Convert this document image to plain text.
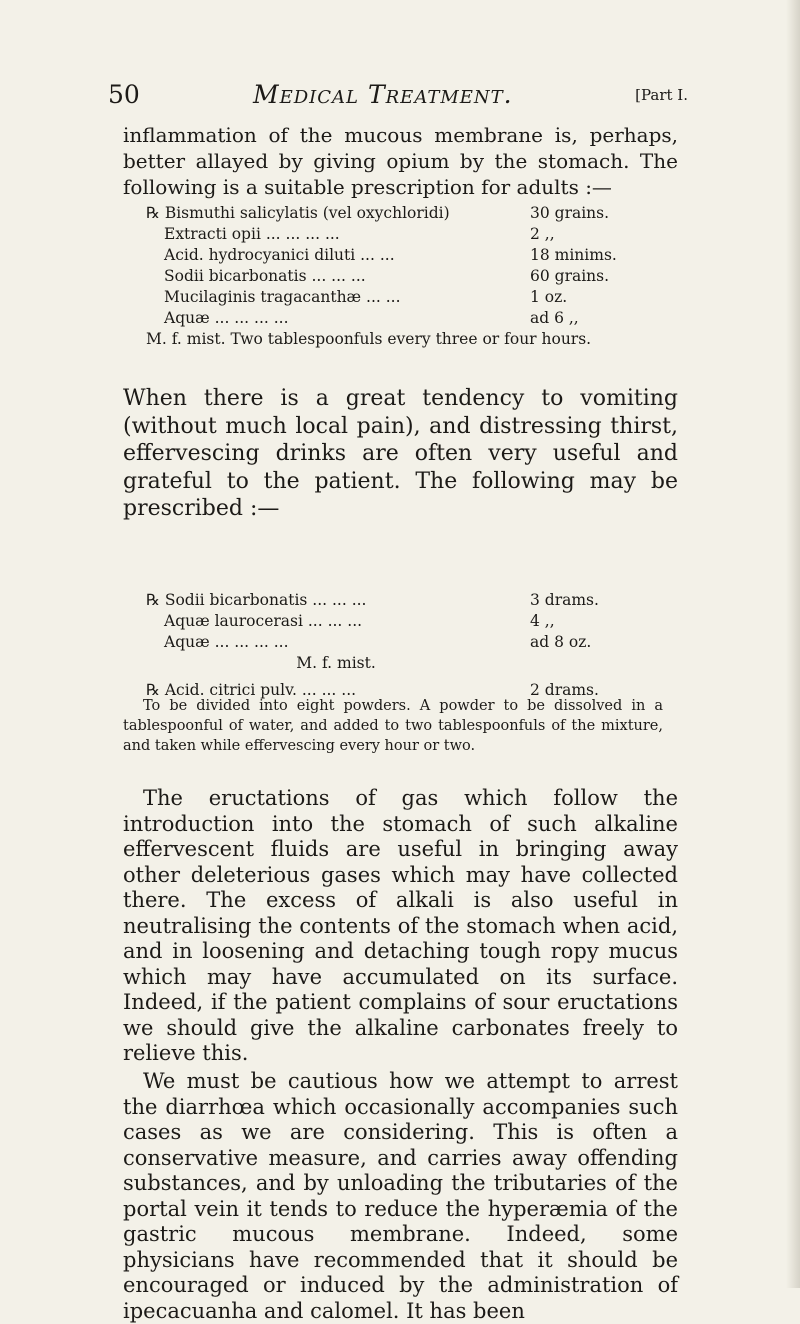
50	Medical Treatment.	[Part I.

inflammation of the mucous membrane is, perhaps, better allayed by giving opium by the stomach. The following is a suitable prescription for adults :—

℞ Bismuthi salicylatis (vel oxychloridi)	30 grains.
Extracti opii ... ... ... ...	2 ,,
Acid. hydrocyanici diluti ... ...	18 minims.
Sodii bicarbonatis ... ... ...	60 grains.
Mucilaginis tragacanthæ ... ...	1 oz.
Aquæ ... ... ... ...	ad 6 ,,
M. f. mist. Two tablespoonfuls every three or four hours.

When there is a great tendency to vomiting (without much local pain), and distressing thirst, effervescing drinks are often very useful and grateful to the patient. The following may be prescribed :—

℞ Sodii bicarbonatis ... ... ...	3 drams.
Aquæ laurocerasi ... ... ...	4 ,,
Aquæ ... ... ... ...	ad 8 oz.
M. f. mist.
℞ Acid. citrici pulv. ... ... ...	2 drams.

To be divided into eight powders. A powder to be dissolved in a tablespoonful of water, and added to two tablespoonfuls of the mixture, and taken while effervescing every hour or two.

The eructations of gas which follow the introduction into the stomach of such alkaline effervescent fluids are useful in bringing away other deleterious gases which may have collected there. The excess of alkali is also useful in neutralising the contents of the stomach when acid, and in loosening and detaching tough ropy mucus which may have accumulated on its surface. Indeed, if the patient complains of sour eructations we should give the alkaline carbonates freely to relieve this.

We must be cautious how we attempt to arrest the diarrhœa which occasionally accompanies such cases as we are considering. This is often a conservative measure, and carries away offending substances, and by unloading the tributaries of the portal vein it tends to reduce the hyperæmia of the gastric mucous membrane. Indeed, some physicians have recommended that it should be encouraged or induced by the administration of ipecacuanha and calomel. It has been
